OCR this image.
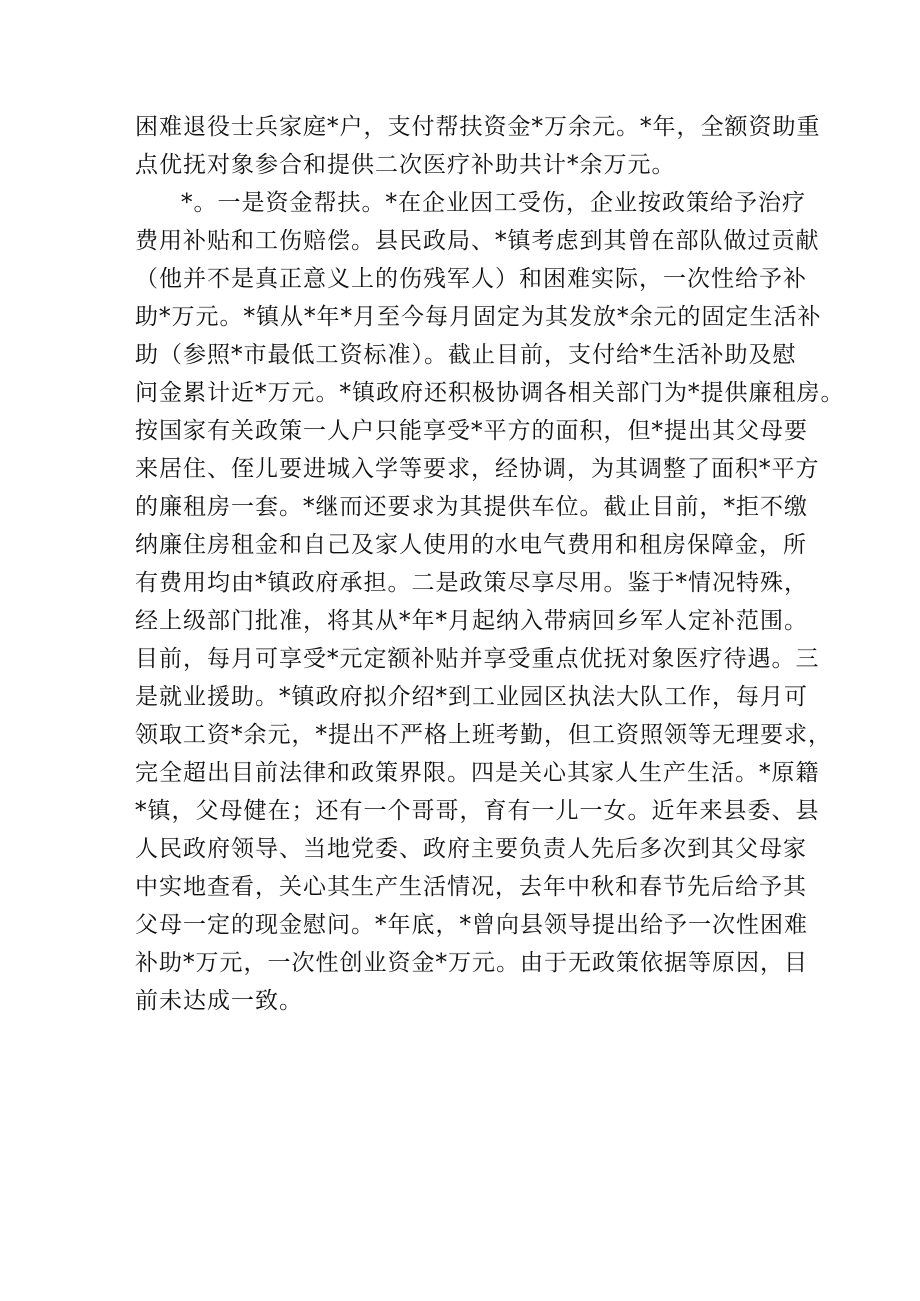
困难退役士兵家庭*户，支付帮扶资金*万余元。*年，全额资助重
点优抚对象参合和提供二次医疗补助共计*余万元。
*。一是资金帮扶。*在企业因工受伤，企业按政策给予治疗
费用补贴和工伤赔偿。县民政局、*镇考虑到其曾在部队做过贡献
（他并不是真正意义上的伤残军人）和困难实际，一次性给予补
助*万元。*镇从*年*月至今每月固定为其发放*余元的固定生活补
助（参照*市最低工资标准）。截止目前，支付给*生活补助及慰
问金累计近*万元。*镇政府还积极协调各相关部门为*提供廉租房。
按国家有关政策一人户只能享受*平方的面积，但*提出其父母要
来居住、侄儿要进城入学等要求，经协调，为其调整了面积*平方
的廉租房一套。*继而还要求为其提供车位。截止目前，*拒不缴
纳廉住房租金和自己及家人使用的水电气费用和租房保障金，所
有费用均由*镇政府承担。二是政策尽享尽用。鉴于*情况特殊，
经上级部门批准，将其从*年*月起纳入带病回乡军人定补范围。
目前，每月可享受*元定额补贴并享受重点优抚对象医疗待遇。三
是就业援助。*镇政府拟介绍*到工业园区执法大队工作，每月可
领取工资*余元，*提出不严格上班考勤，但工资照领等无理要求，
完全超出目前法律和政策界限。四是关心其家人生产生活。*原籍
*镇，父母健在；还有一个哥哥，育有一儿一女。近年来县委、县
人民政府领导、当地党委、政府主要负责人先后多次到其父母家
中实地查看，关心其生产生活情况，去年中秋和春节先后给予其
父母一定的现金慰问。*年底，*曾向县领导提出给予一次性困难
补助*万元，一次性创业资金*万元。由于无政策依据等原因，目
前未达成一致。
